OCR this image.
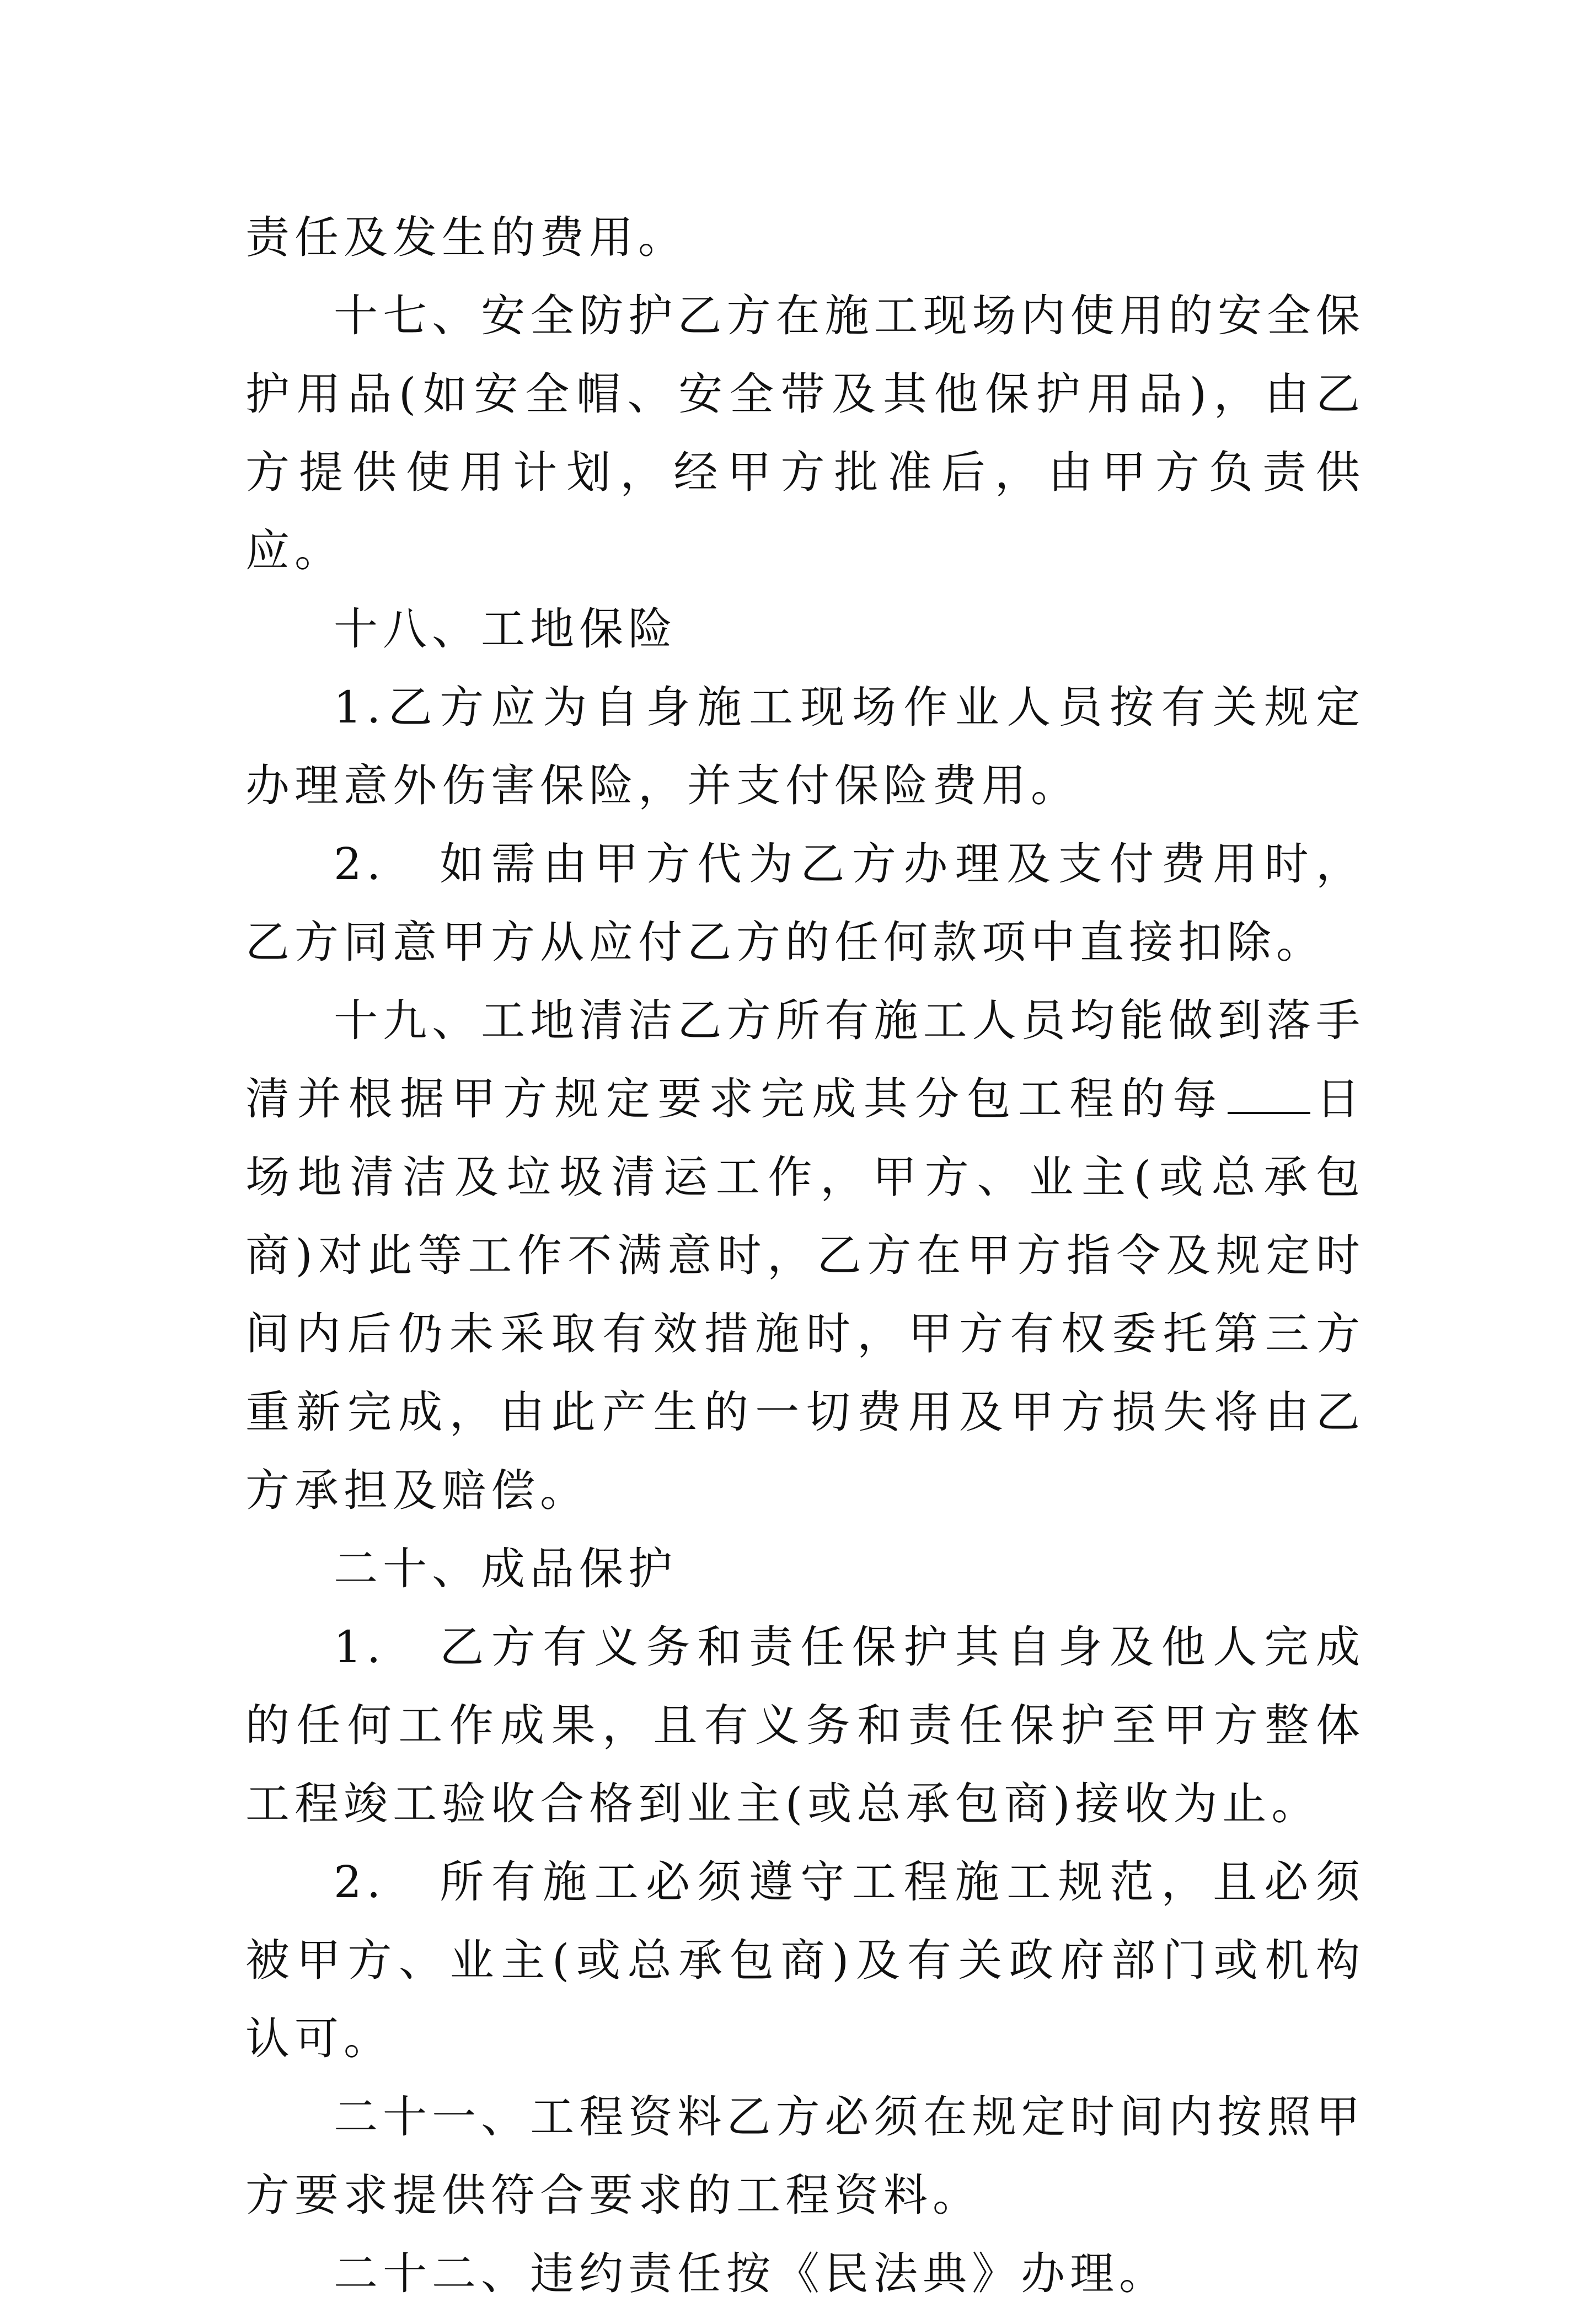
责任及发生的费用。

十七、安全防护乙方在施工现场内使用的安全保护用品(如安全帽、安全带及其他保护用品)，由乙方提供使用计划，经甲方批准后，由甲方负责供应。

十八、工地保险

1.乙方应为自身施工现场作业人员按有关规定办理意外伤害保险，并支付保险费用。

2.　如需由甲方代为乙方办理及支付费用时，乙方同意甲方从应付乙方的任何款项中直接扣除。

十九、工地清洁乙方所有施工人员均能做到落手清并根据甲方规定要求完成其分包工程的每 日场地清洁及垃圾清运工作，甲方、业主(或总承包商)对此等工作不满意时，乙方在甲方指令及规定时间内后仍未采取有效措施时，甲方有权委托第三方重新完成，由此产生的一切费用及甲方损失将由乙方承担及赔偿。

二十、成品保护

1.　乙方有义务和责任保护其自身及他人完成的任何工作成果，且有义务和责任保护至甲方整体工程竣工验收合格到业主(或总承包商)接收为止。

2.　所有施工必须遵守工程施工规范，且必须被甲方、业主(或总承包商)及有关政府部门或机构认可。

二十一、工程资料乙方必须在规定时间内按照甲方要求提供符合要求的工程资料。

二十二、违约责任按《民法典》办理。
